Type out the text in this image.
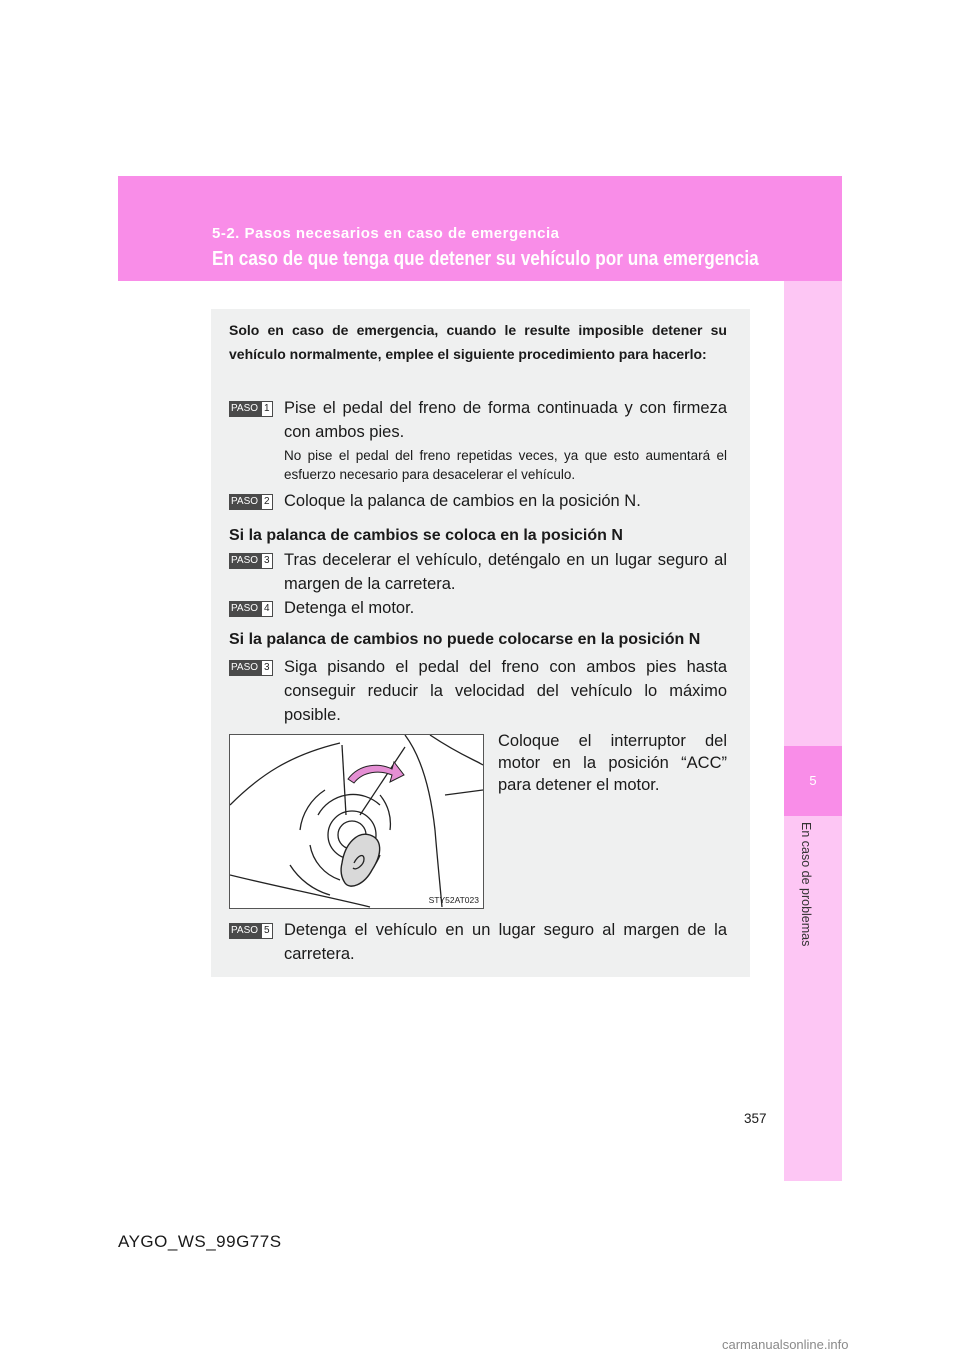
5-2. Pasos necesarios en caso de emergencia
En caso de que tenga que detener su vehículo por una emergencia
5
En caso de problemas
Solo en caso de emergencia, cuando le resulte imposible detener su vehículo normalmente, emplee el siguiente procedimiento para hacerlo:
PASO 1 Pise el pedal del freno de forma continuada y con firmeza con ambos pies.
No pise el pedal del freno repetidas veces, ya que esto aumentará el esfuerzo necesario para desacelerar el vehículo.
PASO 2 Coloque la palanca de cambios en la posición N.
Si la palanca de cambios se coloca en la posición N
PASO 3 Tras decelerar el vehículo, deténgalo en un lugar seguro al margen de la carretera.
PASO 4 Detenga el motor.
Si la palanca de cambios no puede colocarse en la posición N
PASO 3 Siga pisando el pedal del freno con ambos pies hasta conseguir reducir la velocidad del vehículo lo máximo posible.
STY52AT023
Coloque el interruptor del motor en la posición “ACC” para detener el motor.
PASO 5 Detenga el vehículo en un lugar seguro al margen de la carretera.
357
AYGO_WS_99G77S
carmanualsonline.info
